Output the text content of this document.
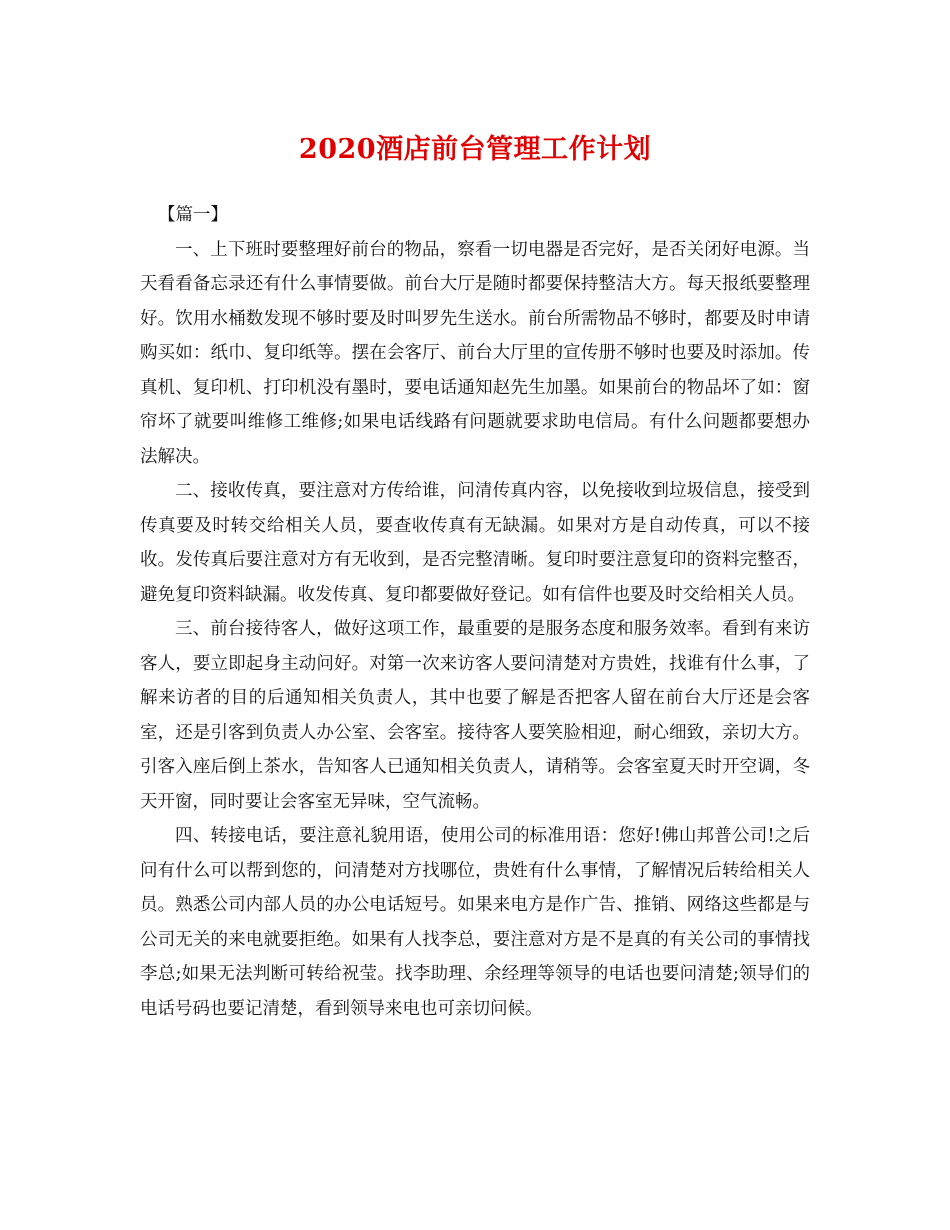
2020酒店前台管理工作计划

【篇一】

一、上下班时要整理好前台的物品，察看一切电器是否完好，是否关闭好电源。当天看看备忘录还有什么事情要做。前台大厅是随时都要保持整洁大方。每天报纸要整理好。饮用水桶数发现不够时要及时叫罗先生送水。前台所需物品不够时，都要及时申请购买如：纸巾、复印纸等。摆在会客厅、前台大厅里的宣传册不够时也要及时添加。传真机、复印机、打印机没有墨时，要电话通知赵先生加墨。如果前台的物品坏了如：窗帘坏了就要叫维修工维修;如果电话线路有问题就要求助电信局。有什么问题都要想办法解决。

二、接收传真，要注意对方传给谁，问清传真内容，以免接收到垃圾信息，接受到传真要及时转交给相关人员，要查收传真有无缺漏。如果对方是自动传真，可以不接收。发传真后要注意对方有无收到，是否完整清晰。复印时要注意复印的资料完整否，避免复印资料缺漏。收发传真、复印都要做好登记。如有信件也要及时交给相关人员。

三、前台接待客人，做好这项工作，最重要的是服务态度和服务效率。看到有来访客人，要立即起身主动问好。对第一次来访客人要问清楚对方贵姓，找谁有什么事，了解来访者的目的后通知相关负责人，其中也要了解是否把客人留在前台大厅还是会客室，还是引客到负责人办公室、会客室。接待客人要笑脸相迎，耐心细致，亲切大方。引客入座后倒上茶水，告知客人已通知相关负责人，请稍等。会客室夏天时开空调，冬天开窗，同时要让会客室无异味，空气流畅。

四、转接电话，要注意礼貌用语，使用公司的标准用语：您好!佛山邦普公司!之后问有什么可以帮到您的，问清楚对方找哪位，贵姓有什么事情，了解情况后转给相关人员。熟悉公司内部人员的办公电话短号。如果来电方是作广告、推销、网络这些都是与公司无关的来电就要拒绝。如果有人找李总，要注意对方是不是真的有关公司的事情找李总;如果无法判断可转给祝莹。找李助理、余经理等领导的电话也要问清楚;领导们的电话号码也要记清楚，看到领导来电也可亲切问候。
